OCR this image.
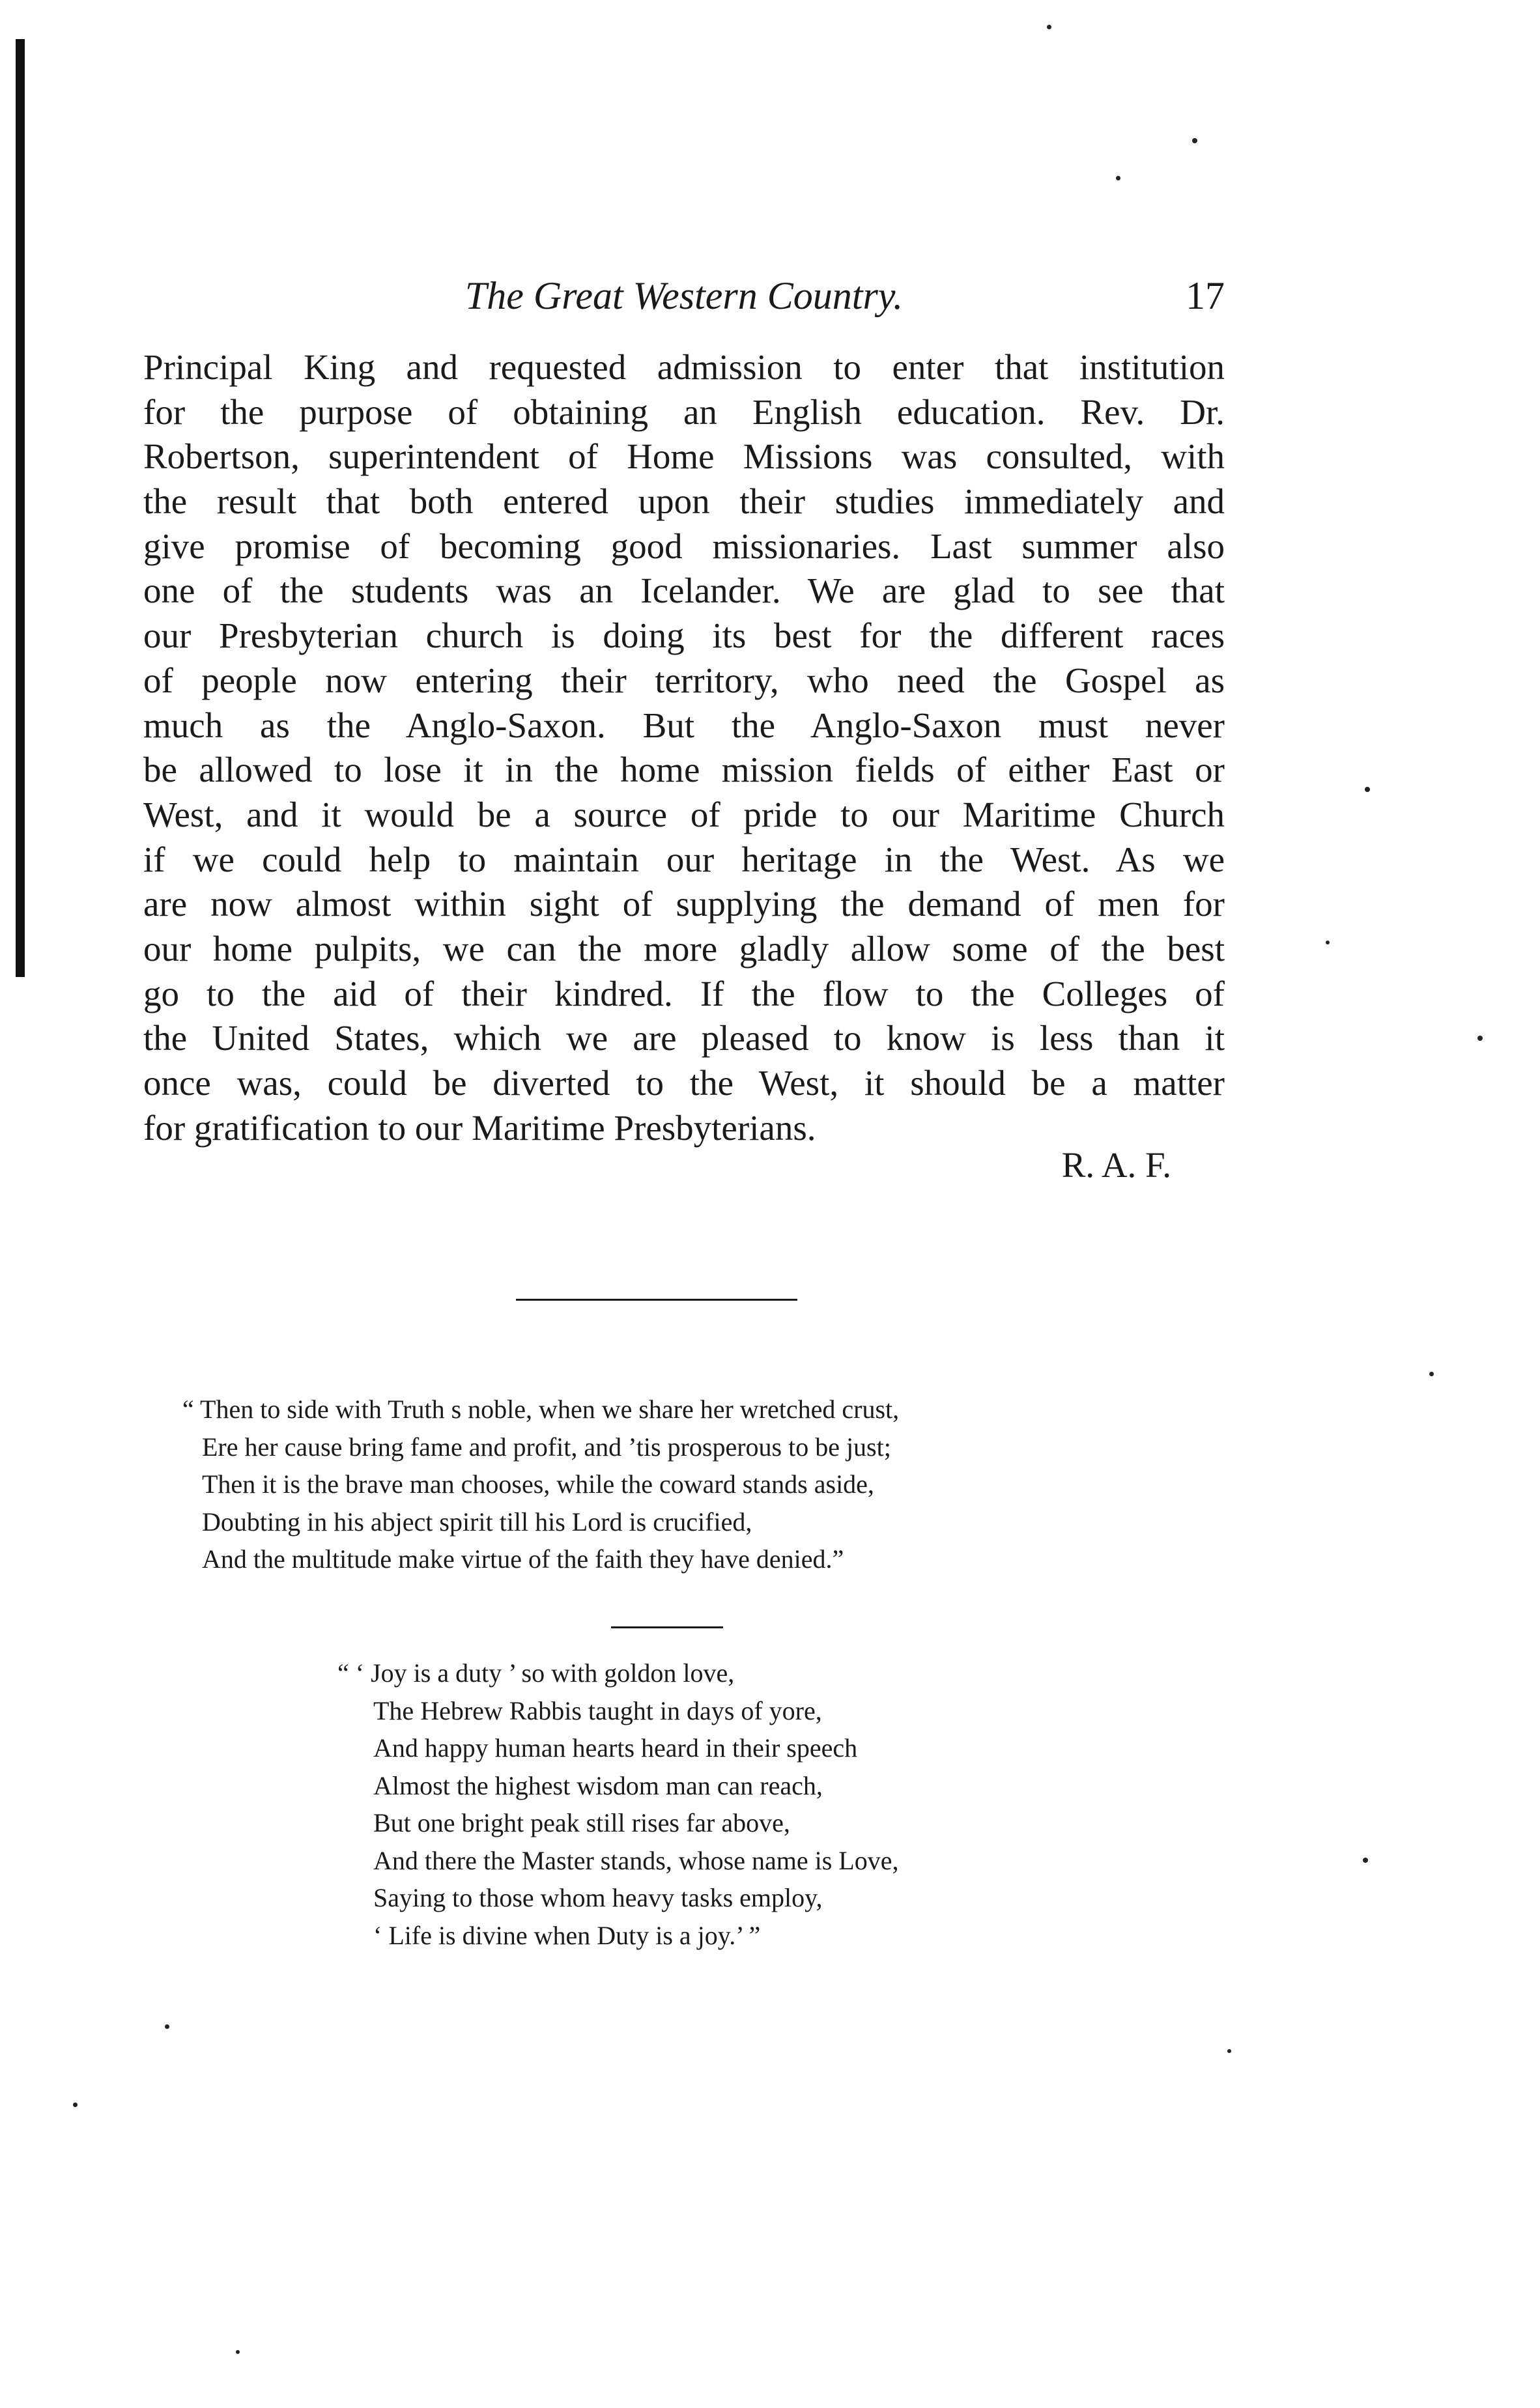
The Great Western Country.	17
Principal King and requested admission to enter that institution
for the purpose of obtaining an English education. Rev. Dr.
Robertson, superintendent of Home Missions was consulted, with
the result that both entered upon their studies immediately and
give promise of becoming good missionaries. Last summer also
one of the students was an Icelander. We are glad to see that
our Presbyterian church is doing its best for the different races
of people now entering their territory, who need the Gospel as
much as the Anglo-Saxon. But the Anglo-Saxon must never
be allowed to lose it in the home mission fields of either East or
West, and it would be a source of pride to our Maritime Church
if we could help to maintain our heritage in the West. As we
are now almost within sight of supplying the demand of men for
our home pulpits, we can the more gladly allow some of the best
go to the aid of their kindred. If the flow to the Colleges of
the United States, which we are pleased to know is less than it
once was, could be diverted to the West, it should be a matter
for gratification to our Maritime Presbyterians.
R. A. F.
“ Then to side with Truth s noble, when we share her wretched crust,
Ere her cause bring fame and profit, and ’tis prosperous to be just;
Then it is the brave man chooses, while the coward stands aside,
Doubting in his abject spirit till his Lord is crucified,
And the multitude make virtue of the faith they have denied.”
“ ‘ Joy is a duty ’ so with goldon love,
The Hebrew Rabbis taught in days of yore,
And happy human hearts heard in their speech
Almost the highest wisdom man can reach,
But one bright peak still rises far above,
And there the Master stands, whose name is Love,
Saying to those whom heavy tasks employ,
‘ Life is divine when Duty is a joy.’ ”
